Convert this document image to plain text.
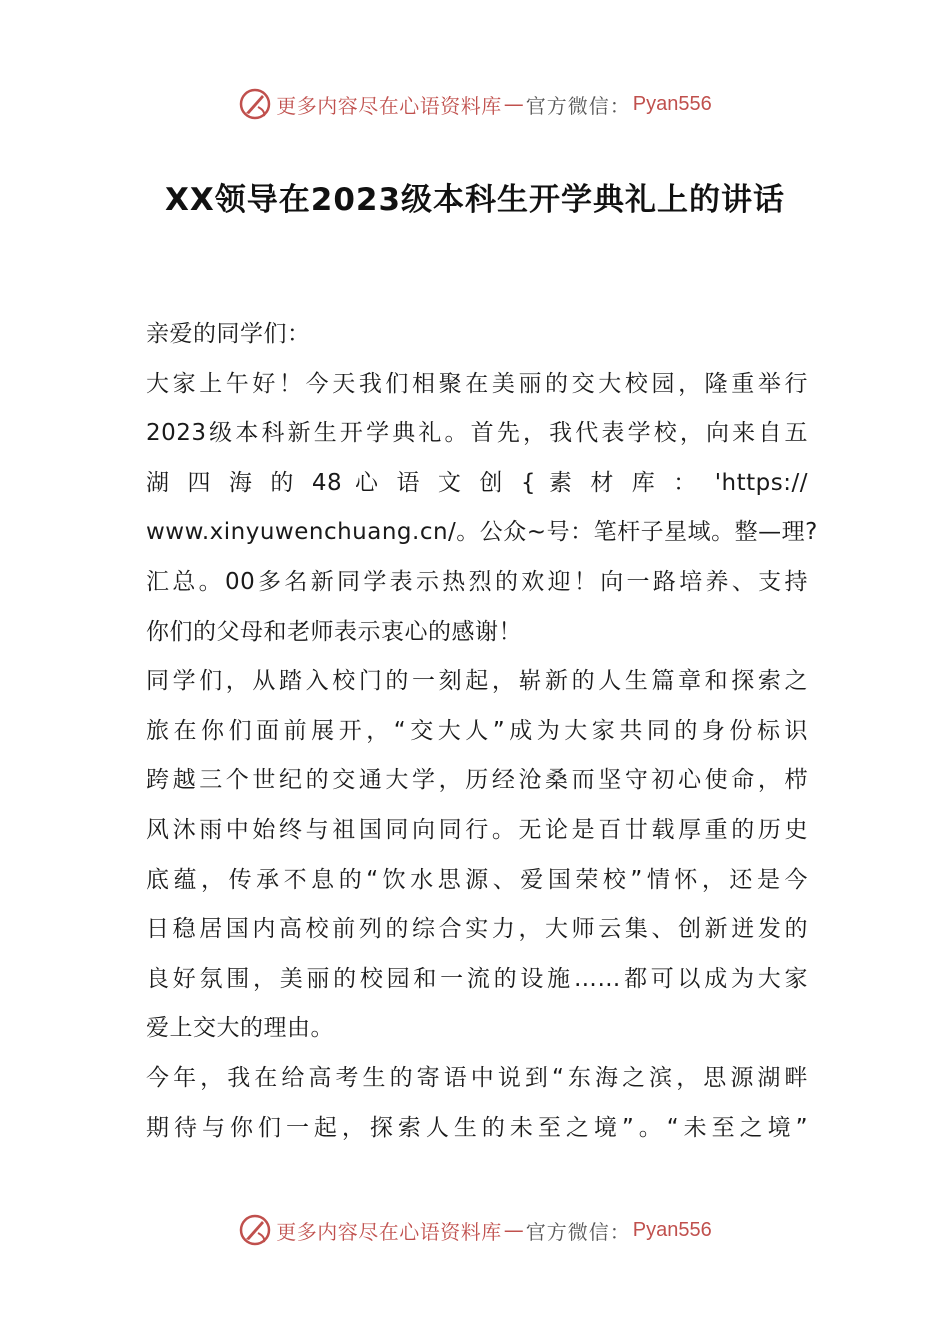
更多内容尽在心语资料库 — 官方微信： Pyan556
XX领导在2023级本科生开学典礼上的讲话
亲爱的同学们：
大家上午好！今天我们相聚在美丽的交大校园，隆重举行
2023级本科新生开学典礼。首先，我代表学校，向来自五
湖 四 海 的 48 心 语 文 创 { 素 材 库 ： 'https://
www.xinyuwenchuang.cn/。公众~号：笔杆子星域。整—理?
汇总。00多名新同学表示热烈的欢迎！向一路培养、支持
你们的父母和老师表示衷心的感谢！
同学们，从踏入校门的一刻起，崭新的人生篇章和探索之
旅在你们面前展开，“交大人”成为大家共同的身份标识
跨越三个世纪的交通大学，历经沧桑而坚守初心使命，栉
风沐雨中始终与祖国同向同行。无论是百廿载厚重的历史
底蕴，传承不息的“饮水思源、爱国荣校”情怀，还是今
日稳居国内高校前列的综合实力，大师云集、创新迸发的
良好氛围，美丽的校园和一流的设施……都可以成为大家
爱上交大的理由。
今年，我在给高考生的寄语中说到“东海之滨，思源湖畔
期待与你们一起，探索人生的未至之境”。“未至之境”
更多内容尽在心语资料库 — 官方微信： Pyan556
